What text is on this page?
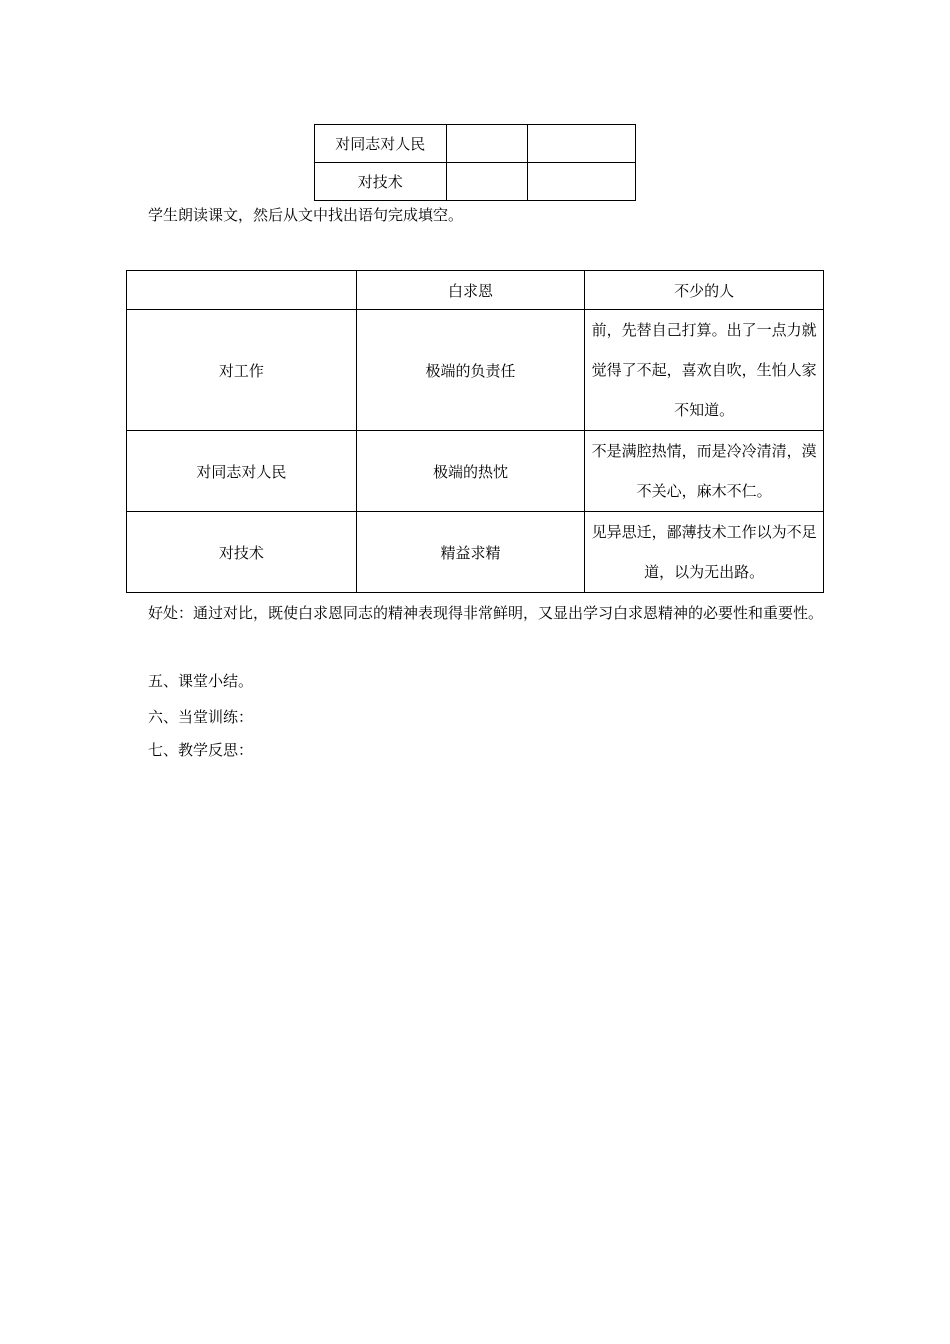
对同志对人民		
对技术		

学生朗读课文，然后从文中找出语句完成填空。

	白求恩	不少的人
对工作	极端的负责任	前，先替自己打算。出了一点力就觉得了不起，喜欢自吹，生怕人家不知道。
对同志对人民	极端的热忱	不是满腔热情，而是冷冷清清，漠不关心，麻木不仁。
对技术	精益求精	见异思迁，鄙薄技术工作以为不足道，以为无出路。

好处：通过对比，既使白求恩同志的精神表现得非常鲜明，又显出学习白求恩精神的必要性和重要性。

五、课堂小结。

六、当堂训练：

七、教学反思：
